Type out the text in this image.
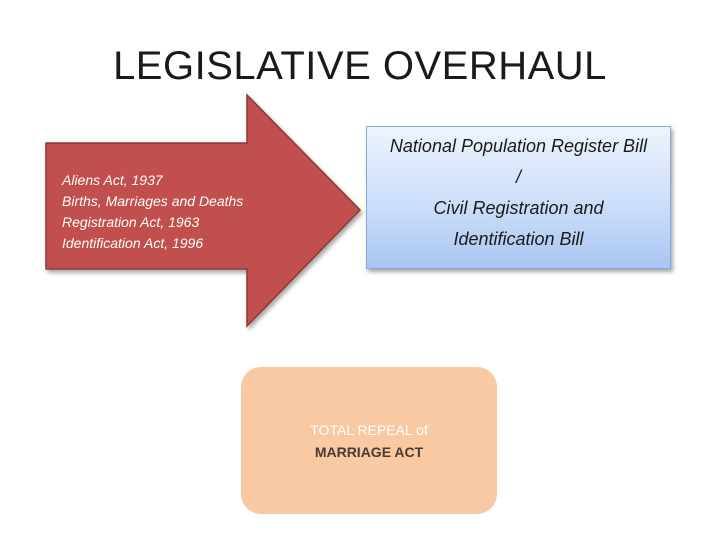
LEGISLATIVE OVERHAUL
Aliens Act, 1937
Births, Marriages and Deaths
Registration Act, 1963
Identification Act, 1996
National Population Register Bill
/
Civil Registration and
Identification Bill
TOTAL REPEAL of
MARRIAGE ACT
